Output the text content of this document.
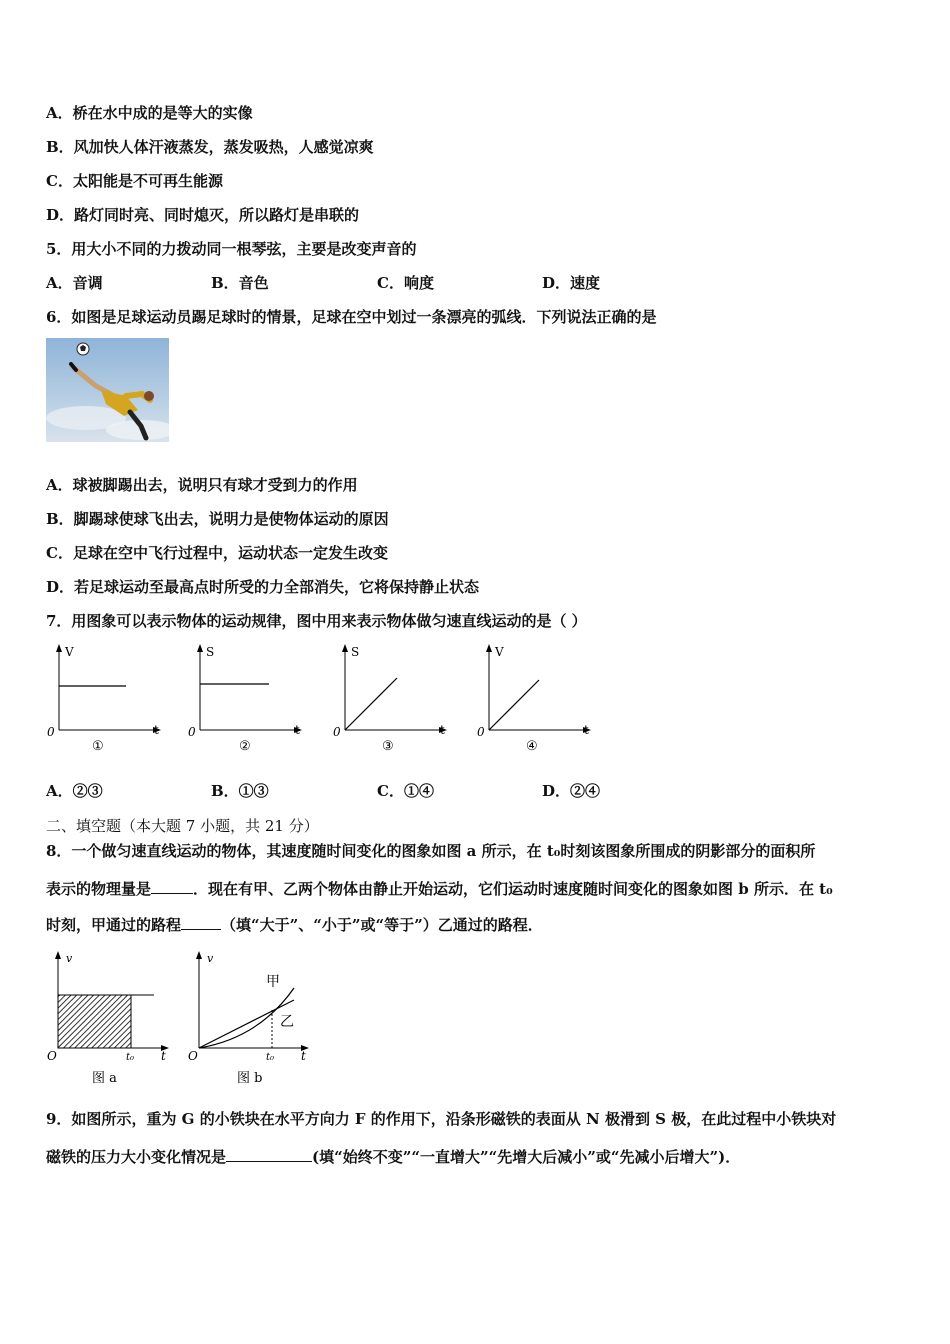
A．桥在水中成的是等大的实像
B．风加快人体汗液蒸发，蒸发吸热，人感觉凉爽
C．太阳能是不可再生能源
D．路灯同时亮、同时熄灭，所以路灯是串联的
5．用大小不同的力拨动同一根琴弦，主要是改变声音的
A．音调	B．音色	C．响度	D．速度
6．如图是足球运动员踢足球时的情景，足球在空中划过一条漂亮的弧线．下列说法正确的是
A．球被脚踢出去，说明只有球才受到力的作用
B．脚踢球使球飞出去，说明力是使物体运动的原因
C．足球在空中飞行过程中，运动状态一定发生改变
D．若足球运动至最高点时所受的力全部消失，它将保持静止状态
7．用图象可以表示物体的运动规律，图中用来表示物体做匀速直线运动的是（ ）
V
t
0
①
S
t
0
②
S
t
0
③
V
t
0
④
A．②③	B．①③	C．①④	D．②④
二、填空题（本大题 7 小题，共 21 分）
8．一个做匀速直线运动的物体，其速度随时间变化的图象如图 a 所示，在 t₀时刻该图象所围成的阴影部分的面积所
表示的物理量是	．现在有甲、乙两个物体由静止开始运动，它们运动时速度随时间变化的图象如图 b 所示．在 t₀
时刻，甲通过的路程	（填“大于”、“小于”或“等于”）乙通过的路程．
v
t
O	t₀
图 a
v
t
O	t₀
甲
乙
图 b
9．如图所示，重为 G 的小铁块在水平方向力 F 的作用下，沿条形磁铁的表面从 N 极滑到 S 极，在此过程中小铁块对
磁铁的压力大小变化情况是	(填“始终不变”“一直增大”“先增大后减小”或“先减小后增大”)．
